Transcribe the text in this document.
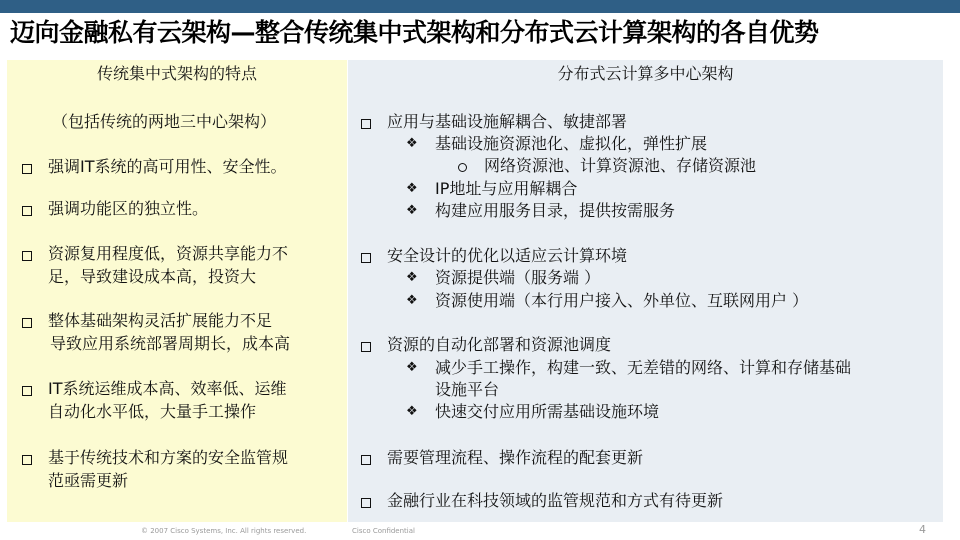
迈向金融私有云架构—整合传统集中式架构和分布式云计算架构的各自优势
传统集中式架构的特点
（包括传统的两地三中心架构）
强调IT系统的高可用性、安全性。
强调功能区的独立性。
资源复用程度低，资源共享能力不
足，导致建设成本高，投资大
整体基础架构灵活扩展能力不足
导致应用系统部署周期长，成本高
IT系统运维成本高、效率低、运维
自动化水平低，大量手工操作
基于传统技术和方案的安全监管规
范亟需更新
分布式云计算多中心架构
应用与基础设施解耦合、敏捷部署
❖ 基础设施资源池化、虚拟化，弹性扩展
网络资源池、计算资源池、存储资源池
❖ IP地址与应用解耦合
❖ 构建应用服务目录，提供按需服务
安全设计的优化以适应云计算环境
❖ 资源提供端（服务端 ）
❖ 资源使用端（本行用户接入、外单位、互联网用户 ）
资源的自动化部署和资源池调度
❖ 减少手工操作，构建一致、无差错的网络、计算和存储基础
设施平台
❖ 快速交付应用所需基础设施环境
需要管理流程、操作流程的配套更新
金融行业在科技领域的监管规范和方式有待更新
© 2007 Cisco Systems, Inc. All rights reserved.	Cisco Confidential	4
